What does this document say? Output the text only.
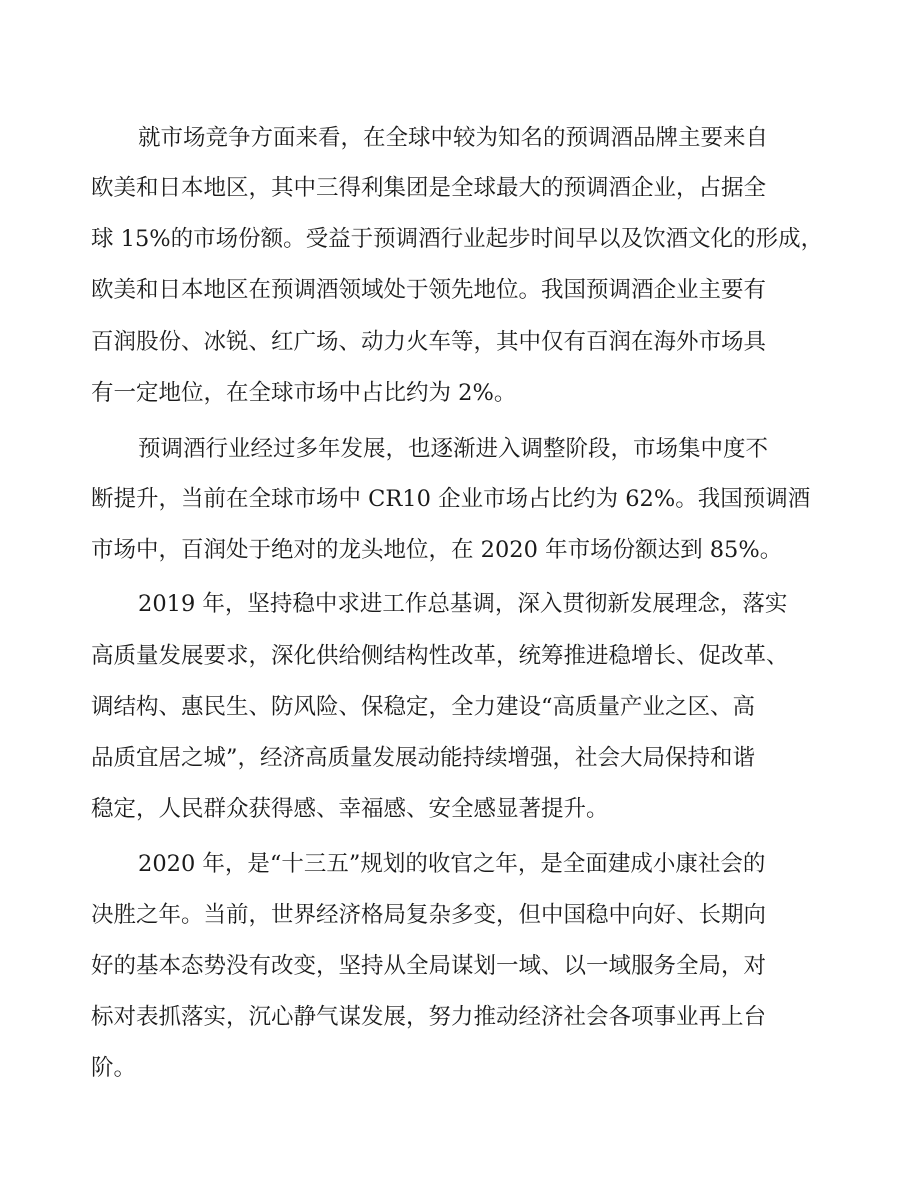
就市场竞争方面来看，在全球中较为知名的预调酒品牌主要来自
欧美和日本地区，其中三得利集团是全球最大的预调酒企业，占据全
球 15%的市场份额。受益于预调酒行业起步时间早以及饮酒文化的形成，
欧美和日本地区在预调酒领域处于领先地位。我国预调酒企业主要有
百润股份、冰锐、红广场、动力火车等，其中仅有百润在海外市场具
有一定地位，在全球市场中占比约为 2%。
预调酒行业经过多年发展，也逐渐进入调整阶段，市场集中度不
断提升，当前在全球市场中 CR10 企业市场占比约为 62%。我国预调酒
市场中，百润处于绝对的龙头地位，在 2020 年市场份额达到 85%。
2019 年，坚持稳中求进工作总基调，深入贯彻新发展理念，落实
高质量发展要求，深化供给侧结构性改革，统筹推进稳增长、促改革、
调结构、惠民生、防风险、保稳定，全力建设“高质量产业之区、高
品质宜居之城”，经济高质量发展动能持续增强，社会大局保持和谐
稳定，人民群众获得感、幸福感、安全感显著提升。
2020 年，是“十三五”规划的收官之年，是全面建成小康社会的
决胜之年。当前，世界经济格局复杂多变，但中国稳中向好、长期向
好的基本态势没有改变，坚持从全局谋划一域、以一域服务全局，对
标对表抓落实，沉心静气谋发展，努力推动经济社会各项事业再上台
阶。
